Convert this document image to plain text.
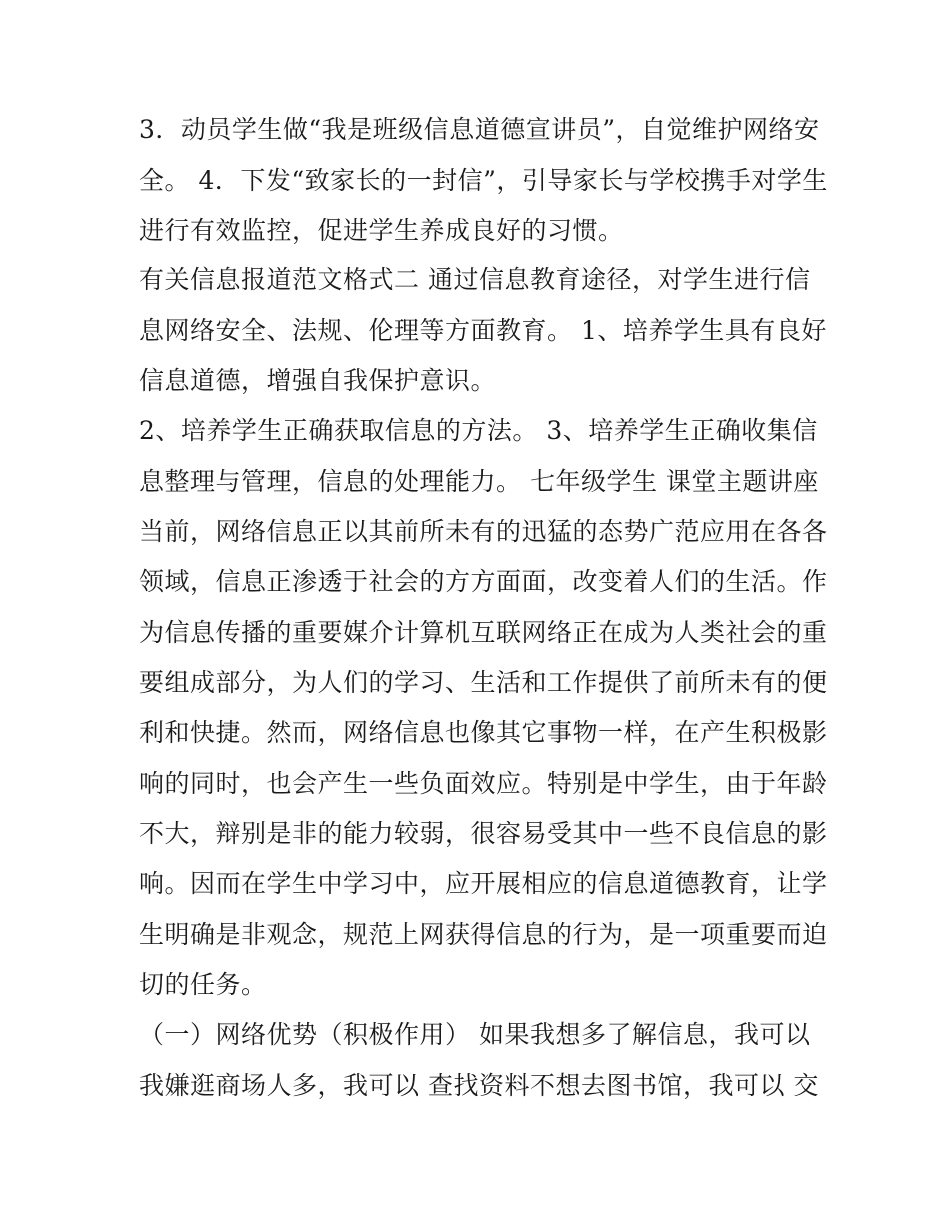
3．动员学生做“我是班级信息道德宣讲员”，自觉维护网络安

全。 4．下发“致家长的一封信”，引导家长与学校携手对学生

进行有效监控，促进学生养成良好的习惯。

有关信息报道范文格式二 通过信息教育途径，对学生进行信

息网络安全、法规、伦理等方面教育。 1、培养学生具有良好

信息道德，增强自我保护意识。

2、培养学生正确获取信息的方法。 3、培养学生正确收集信

息整理与管理，信息的处理能力。 七年级学生 课堂主题讲座

当前，网络信息正以其前所未有的迅猛的态势广范应用在各各

领域，信息正渗透于社会的方方面面，改变着人们的生活。作

为信息传播的重要媒介计算机互联网络正在成为人类社会的重

要组成部分，为人们的学习、生活和工作提供了前所未有的便

利和快捷。然而，网络信息也像其它事物一样，在产生积极影

响的同时，也会产生一些负面效应。特别是中学生，由于年龄

不大，辩别是非的能力较弱，很容易受其中一些不良信息的影

响。因而在学生中学习中，应开展相应的信息道德教育，让学

生明确是非观念，规范上网获得信息的行为，是一项重要而迫

切的任务。

（一）网络优势（积极作用） 如果我想多了解信息，我可以

我嫌逛商场人多，我可以 查找资料不想去图书馆，我可以 交
